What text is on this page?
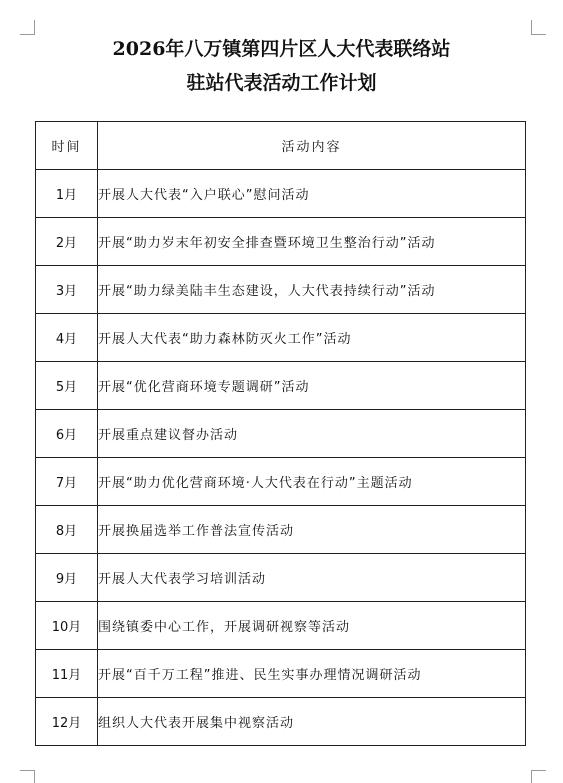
2026年八万镇第四片区人大代表联络站
驻站代表活动工作计划
时间	活动内容
1月	开展人大代表“入户联心”慰问活动
2月	开展“助力岁末年初安全排查暨环境卫生整治行动”活动
3月	开展“助力绿美陆丰生态建设，人大代表持续行动”活动
4月	开展人大代表“助力森林防灭火工作”活动
5月	开展“优化营商环境专题调研”活动
6月	开展重点建议督办活动
7月	开展“助力优化营商环境·人大代表在行动”主题活动
8月	开展换届选举工作普法宣传活动
9月	开展人大代表学习培训活动
10月	围绕镇委中心工作，开展调研视察等活动
11月	开展“百千万工程”推进、民生实事办理情况调研活动
12月	组织人大代表开展集中视察活动
